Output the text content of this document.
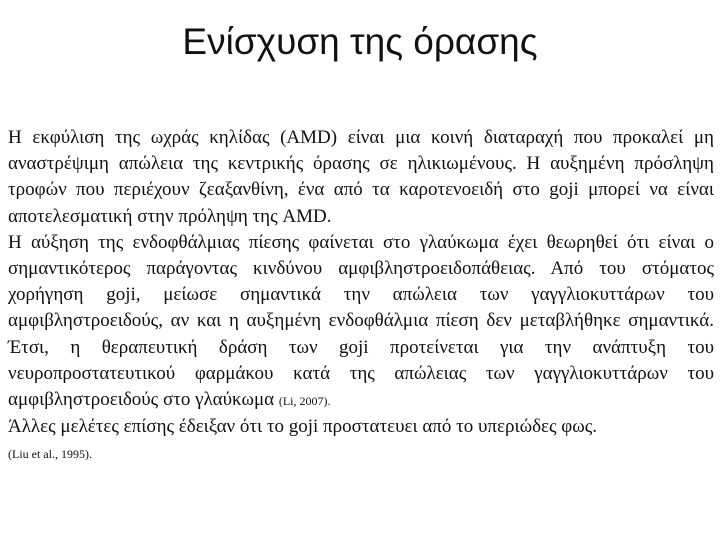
Ενίσχυση της όρασης

Η εκφύλιση της ωχράς κηλίδας (AMD) είναι μια κοινή διαταραχή που προκαλεί μη αναστρέψιμη απώλεια της κεντρικής όρασης σε ηλικιωμένους. Η αυξημένη πρόσληψη τροφών που περιέχουν ζεαξανθίνη, ένα από τα καροτενοειδή στο goji μπορεί να είναι αποτελεσματική στην πρόληψη της AMD.

Η αύξηση της ενδοφθάλμιας πίεσης φαίνεται στο γλαύκωμα έχει θεωρηθεί ότι είναι ο σημαντικότερος παράγοντας κινδύνου αμφιβληστροειδοπάθειας. Από του στόματος χορήγηση goji, μείωσε σημαντικά την απώλεια των γαγγλιοκυττάρων του αμφιβληστροειδούς, αν και η αυξημένη ενδοφθάλμια πίεση δεν μεταβλήθηκε σημαντικά. Έτσι, η θεραπευτική δράση των goji προτείνεται για την ανάπτυξη του νευροπροστατευτικού φαρμάκου κατά της απώλειας των γαγγλιοκυττάρων του αμφιβληστροειδούς στο γλαύκωμα (Li, 2007).

Άλλες μελέτες επίσης έδειξαν ότι το goji προστατευει από το υπεριώδες φως.
(Liu et al., 1995).
